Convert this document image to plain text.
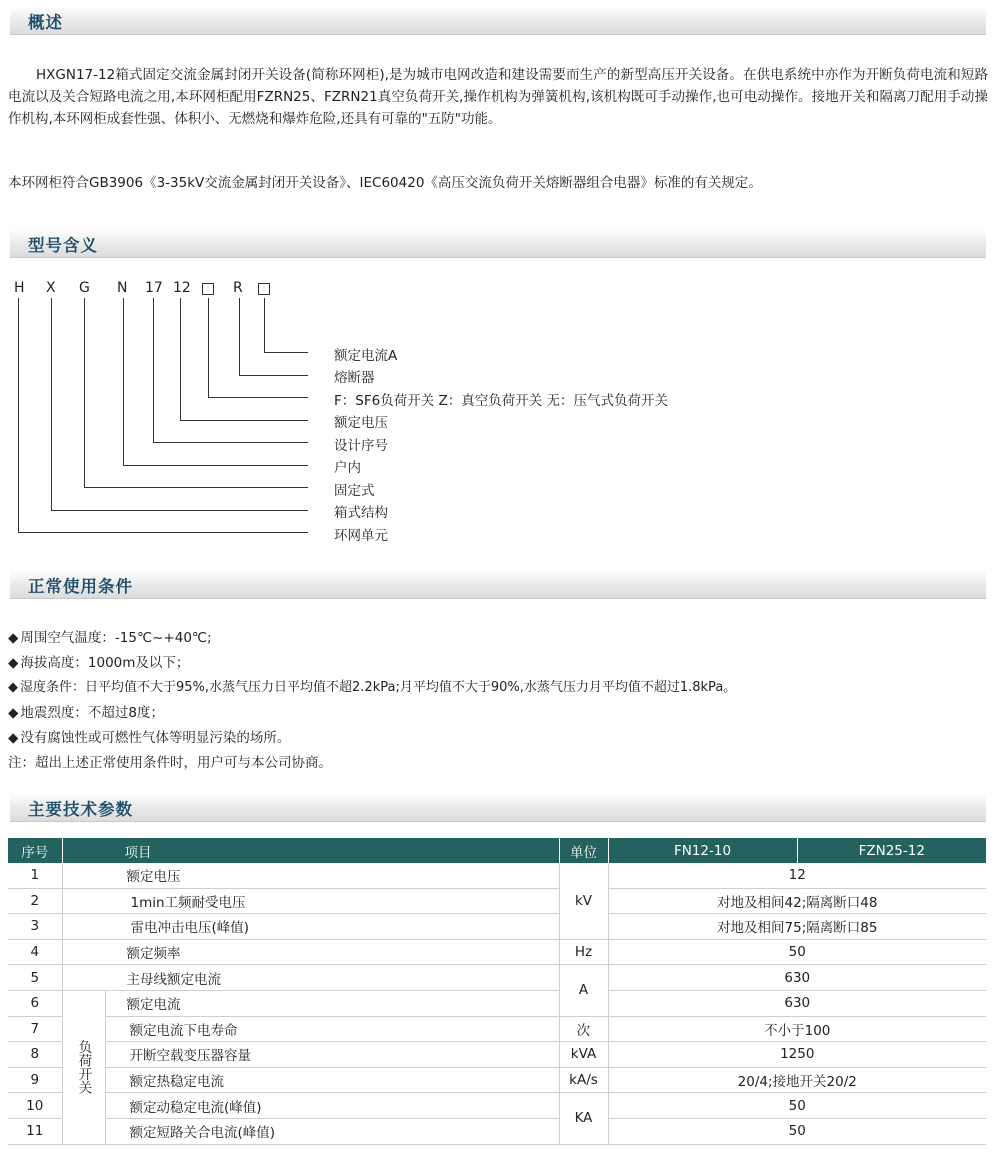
概述
HXGN17-12箱式固定交流金属封闭开关设备(简称环网柜),是为城市电网改造和建设需要而生产的新型高压开关设备。在供电系统中亦作为开断负荷电流和短路电流以及关合短路电流之用,本环网柜配用FZRN25、FZRN21真空负荷开关,操作机构为弹簧机构,该机构既可手动操作,也可电动操作。接地开关和隔离刀配用手动操作机构,本环网柜成套性强、体积小、无燃烧和爆炸危险,还具有可靠的"五防"功能。
本环网柜符合GB3906《3-35kV交流金属封闭开关设备》、IEC60420《高压交流负荷开关熔断器组合电器》标准的有关规定。
型号含义
H X G N 17 12	R
额定电流A
熔断器
F：SF6负荷开关 Z：真空负荷开关 无：压气式负荷开关
额定电压
设计序号
户内
固定式
箱式结构
环网单元
正常使用条件
◆ 周围空气温度：-15℃~+40℃;
◆ 海拔高度：1000m及以下；
◆ 湿度条件：日平均值不大于95%,水蒸气压力日平均值不超2.2kPa;月平均值不大于90%,水蒸气压力月平均值不超过1.8kPa。
◆ 地震烈度：不超过8度；
◆ 没有腐蚀性或可燃性气体等明显污染的场所。
注：超出上述正常使用条件时，用户可与本公司协商。
主要技术参数
序号	项目		单位	FN12-10	FZN25-12
1	额定电压		kV	12	
2	1min工频耐受电压			对地及相间42;隔离断口48	
3	雷电冲击电压(峰值)			对地及相间75;隔离断口85	
4	额定频率		Hz	50	
5	主母线额定电流		A	630	
6	负荷开关	额定电流		630	
7		额定电流下电寿命	次	不小于100	
8		开断空载变压器容量	kVA	1250	
9		额定热稳定电流	kA/s	20/4;接地开关20/2	
10		额定动稳定电流(峰值)	KA	50	
11		额定短路关合电流(峰值)		50	
